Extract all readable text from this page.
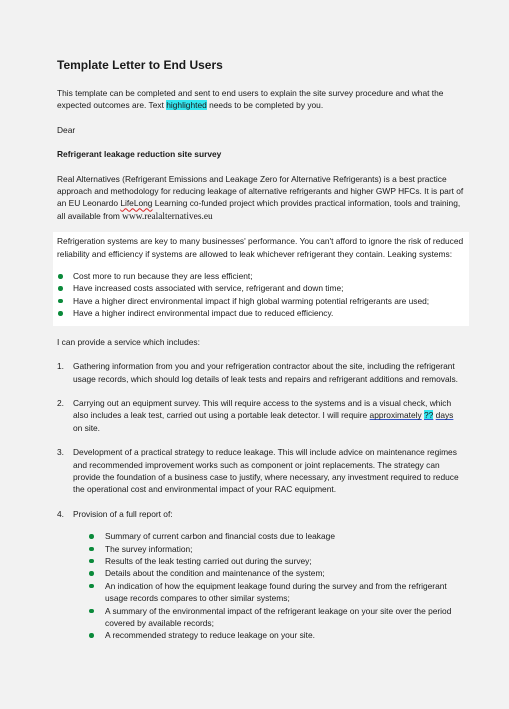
Template Letter to End Users

This template can be completed and sent to end users to explain the site survey procedure and what the expected outcomes are. Text highlighted needs to be completed by you.

Dear

Refrigerant leakage reduction site survey

Real Alternatives (Refrigerant Emissions and Leakage Zero for Alternative Refrigerants) is a best practice approach and methodology for reducing leakage of alternative refrigerants and higher GWP HFCs. It is part of an EU Leonardo LifeLong Learning co-funded project which provides practical information, tools and training, all available from www.realalternatives.eu

Refrigeration systems are key to many businesses' performance. You can't afford to ignore the risk of reduced reliability and efficiency if systems are allowed to leak whichever refrigerant they contain. Leaking systems:

Cost more to run because they are less efficient;
Have increased costs associated with service, refrigerant and down time;
Have a higher direct environmental impact if high global warming potential refrigerants are used;
Have a higher indirect environmental impact due to reduced efficiency.

I can provide a service which includes:

1. Gathering information from you and your refrigeration contractor about the site, including the refrigerant usage records, which should log details of leak tests and repairs and refrigerant additions and removals.
2. Carrying out an equipment survey. This will require access to the systems and is a visual check, which also includes a leak test, carried out using a portable leak detector. I will require approximately ?? days on site.
3. Development of a practical strategy to reduce leakage. This will include advice on maintenance regimes and recommended improvement works such as component or joint replacements. The strategy can provide the foundation of a business case to justify, where necessary, any investment required to reduce the operational cost and environmental impact of your RAC equipment.
4. Provision of a full report of:
Summary of current carbon and financial costs due to leakage
The survey information;
Results of the leak testing carried out during the survey;
Details about the condition and maintenance of the system;
An indication of how the equipment leakage found during the survey and from the refrigerant usage records compares to other similar systems;
A summary of the environmental impact of the refrigerant leakage on your site over the period covered by available records;
A recommended strategy to reduce leakage on your site.
